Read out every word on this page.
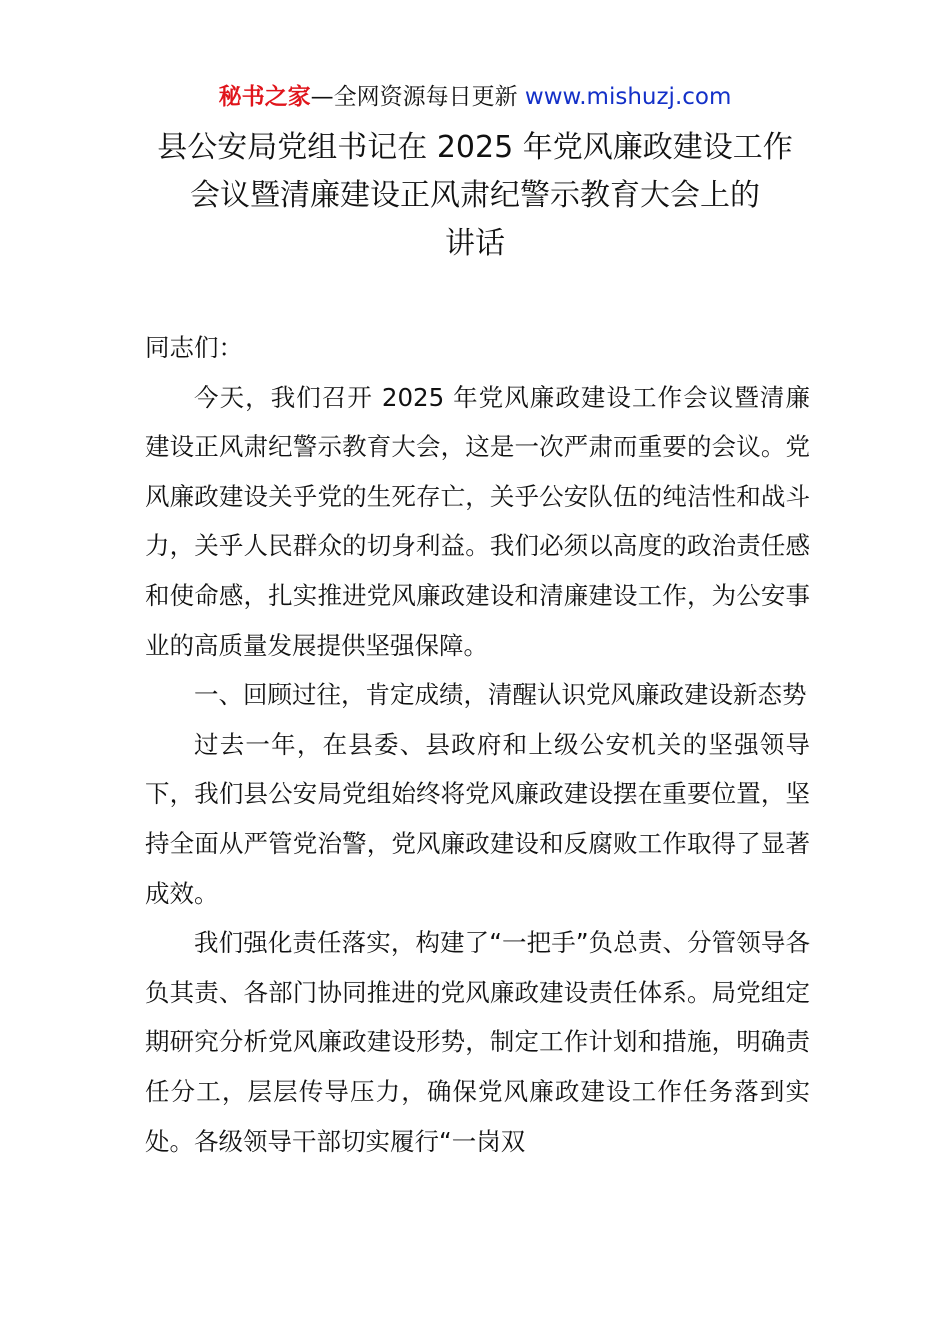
秘书之家—全网资源每日更新 www.mishuzj.com
县公安局党组书记在 2025 年党风廉政建设工作
会议暨清廉建设正风肃纪警示教育大会上的
讲话

同志们：

今天，我们召开 2025 年党风廉政建设工作会议暨清廉建设正风肃纪警示教育大会，这是一次严肃而重要的会议。党风廉政建设关乎党的生死存亡，关乎公安队伍的纯洁性和战斗力，关乎人民群众的切身利益。我们必须以高度的政治责任感和使命感，扎实推进党风廉政建设和清廉建设工作，为公安事业的高质量发展提供坚强保障。

一、回顾过往，肯定成绩，清醒认识党风廉政建设新态势

过去一年，在县委、县政府和上级公安机关的坚强领导下，我们县公安局党组始终将党风廉政建设摆在重要位置，坚持全面从严管党治警，党风廉政建设和反腐败工作取得了显著成效。

我们强化责任落实，构建了“一把手”负总责、分管领导各负其责、各部门协同推进的党风廉政建设责任体系。局党组定期研究分析党风廉政建设形势，制定工作计划和措施，明确责任分工，层层传导压力，确保党风廉政建设工作任务落到实处。各级领导干部切实履行“一岗双
